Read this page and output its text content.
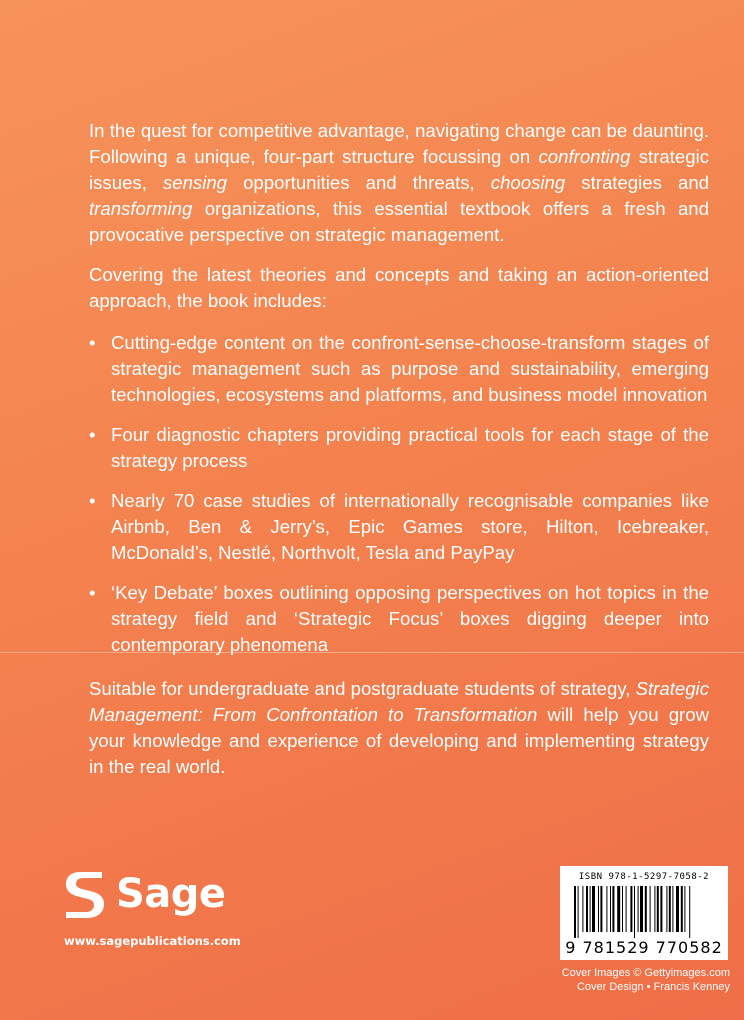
In the quest for competitive advantage, navigating change can be daunting. Following a unique, four-part structure focussing on confronting strategic issues, sensing opportunities and threats, choosing strategies and transforming organizations, this essential textbook offers a fresh and provocative perspective on strategic management.

Covering the latest theories and concepts and taking an action-oriented approach, the book includes:

• Cutting-edge content on the confront-sense-choose-transform stages of strategic management such as purpose and sustainability, emerging technologies, ecosystems and platforms, and business model innovation
• Four diagnostic chapters providing practical tools for each stage of the strategy process
• Nearly 70 case studies of internationally recognisable companies like Airbnb, Ben & Jerry’s, Epic Games store, Hilton, Icebreaker, McDonald’s, Nestlé, Northvolt, Tesla and PayPay
• ‘Key Debate’ boxes outlining opposing perspectives on hot topics in the strategy field and ‘Strategic Focus’ boxes digging deeper into contemporary phenomena

Suitable for undergraduate and postgraduate students of strategy, Strategic Management: From Confrontation to Transformation will help you grow your knowledge and experience of developing and implementing strategy in the real world.

Sage
www.sagepublications.com
ISBN 978-1-5297-7058-2
9 781529 770582
Cover Images © Gettyimages.com
Cover Design • Francis Kenney
